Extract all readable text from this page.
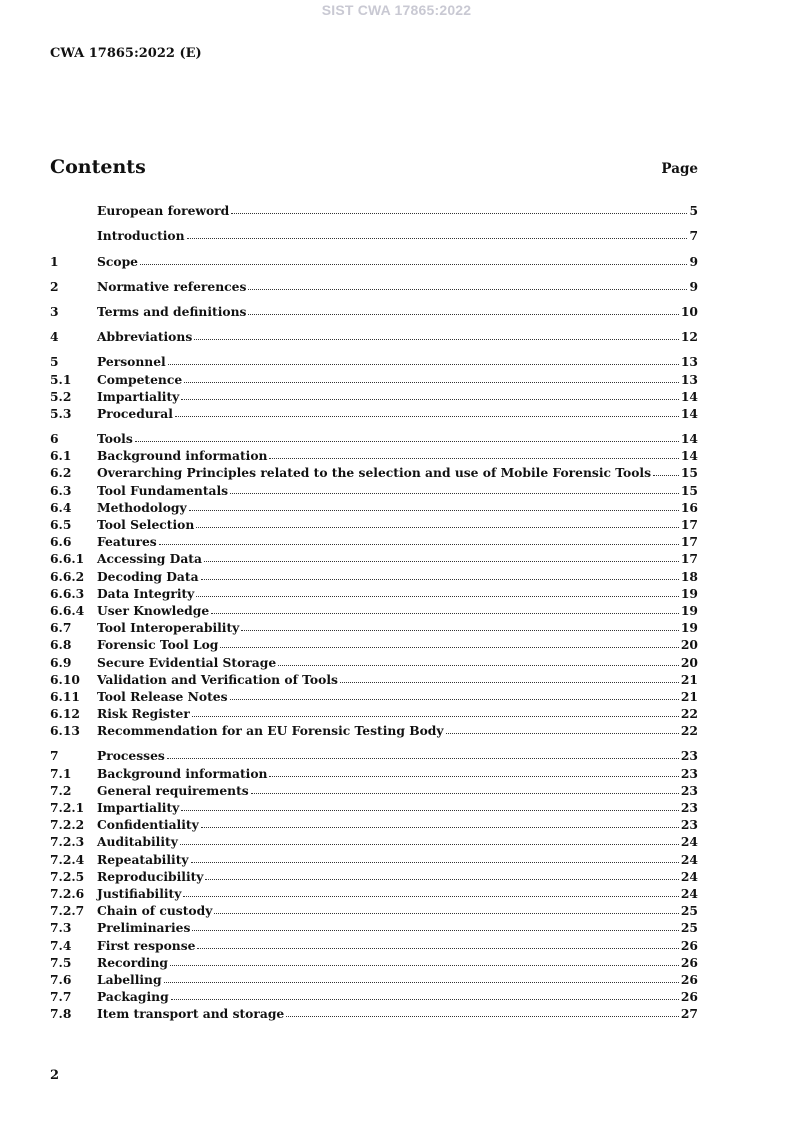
SIST CWA 17865:2022
CWA 17865:2022 (E)
Contents	Page
European foreword	5
Introduction	7
1	Scope	9
2	Normative references	9
3	Terms and definitions	10
4	Abbreviations	12
5	Personnel	13
5.1	Competence	13
5.2	Impartiality	14
5.3	Procedural	14
6	Tools	14
6.1	Background information	14
6.2	Overarching Principles related to the selection and use of Mobile Forensic Tools 15
6.3	Tool Fundamentals	15
6.4	Methodology	16
6.5	Tool Selection	17
6.6	Features	17
6.6.1	Accessing Data	17
6.6.2	Decoding Data	18
6.6.3	Data Integrity	19
6.6.4	User Knowledge	19
6.7	Tool Interoperability	19
6.8	Forensic Tool Log	20
6.9	Secure Evidential Storage	20
6.10	Validation and Verification of Tools	21
6.11	Tool Release Notes	21
6.12	Risk Register	22
6.13	Recommendation for an EU Forensic Testing Body	22
7	Processes	23
7.1	Background information	23
7.2	General requirements	23
7.2.1	Impartiality	23
7.2.2	Confidentiality	23
7.2.3	Auditability	24
7.2.4	Repeatability	24
7.2.5	Reproducibility	24
7.2.6	Justifiability	24
7.2.7	Chain of custody	25
7.3	Preliminaries	25
7.4	First response	26
7.5	Recording	26
7.6	Labelling	26
7.7	Packaging	26
7.8	Item transport and storage	27
2
